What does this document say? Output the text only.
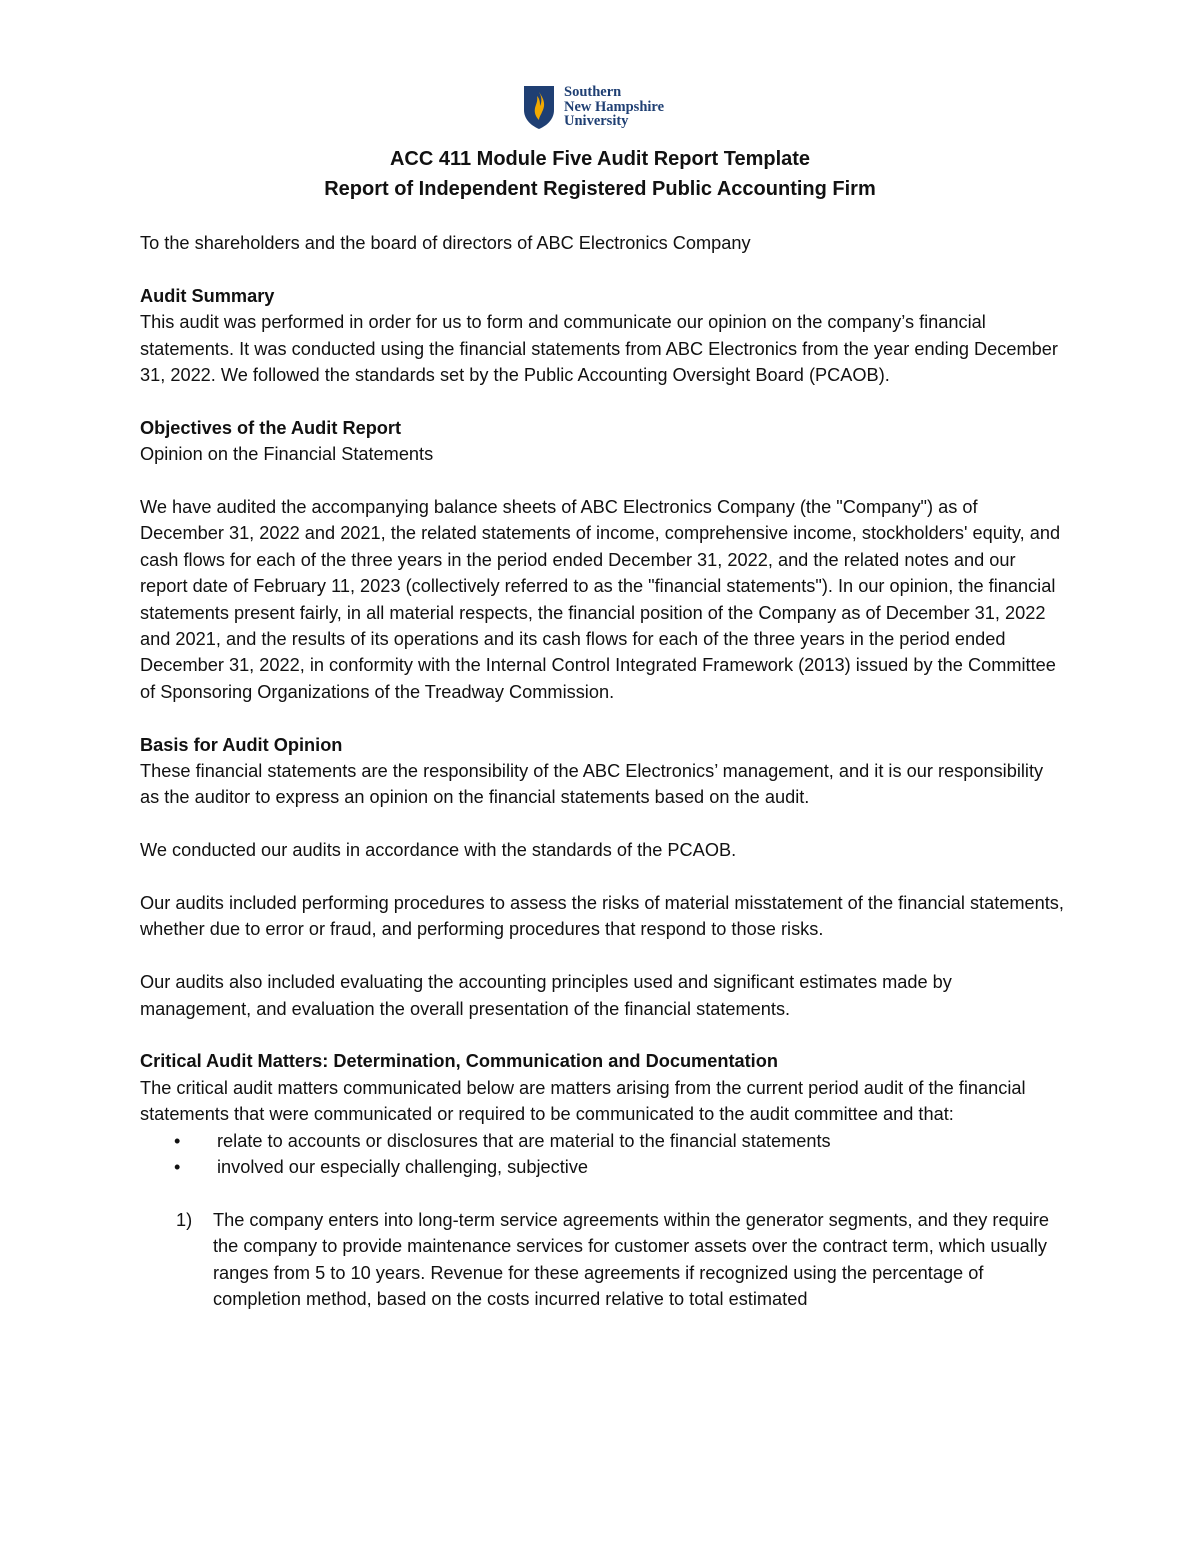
Southern
New Hampshire
University
ACC 411 Module Five Audit Report Template
Report of Independent Registered Public Accounting Firm

To the shareholders and the board of directors of ABC Electronics Company

Audit Summary

This audit was performed in order for us to form and communicate our opinion on the company’s financial statements. It was conducted using the financial statements from ABC Electronics from the year ending December 31, 2022. We followed the standards set by the Public Accounting Oversight Board (PCAOB).

Objectives of the Audit Report

Opinion on the Financial Statements

We have audited the accompanying balance sheets of ABC Electronics Company (the "Company") as of December 31, 2022 and 2021, the related statements of income, comprehensive income, stockholders' equity, and cash flows for each of the three years in the period ended December 31, 2022, and the related notes and our report date of February 11, 2023 (collectively referred to as the "financial statements"). In our opinion, the financial statements present fairly, in all material respects, the financial position of the Company as of December 31, 2022 and 2021, and the results of its operations and its cash flows for each of the three years in the period ended December 31, 2022, in conformity with the Internal Control Integrated Framework (2013) issued by the Committee of Sponsoring Organizations of the Treadway Commission.

Basis for Audit Opinion

These financial statements are the responsibility of the ABC Electronics’ management, and it is our responsibility as the auditor to express an opinion on the financial statements based on the audit.

We conducted our audits in accordance with the standards of the PCAOB.

Our audits included performing procedures to assess the risks of material misstatement of the financial statements, whether due to error or fraud, and performing procedures that respond to those risks.

Our audits also included evaluating the accounting principles used and significant estimates made by management, and evaluation the overall presentation of the financial statements.

Critical Audit Matters: Determination, Communication and Documentation
The critical audit matters communicated below are matters arising from the current period audit of the financial statements that were communicated or required to be communicated to the audit committee and that:
• relate to accounts or disclosures that are material to the financial statements
• involved our especially challenging, subjective
1) The company enters into long-term service agreements within the generator segments, and they require the company to provide maintenance services for customer assets over the contract term, which usually ranges from 5 to 10 years. Revenue for these agreements if recognized using the percentage of completion method, based on the costs incurred relative to total estimated
